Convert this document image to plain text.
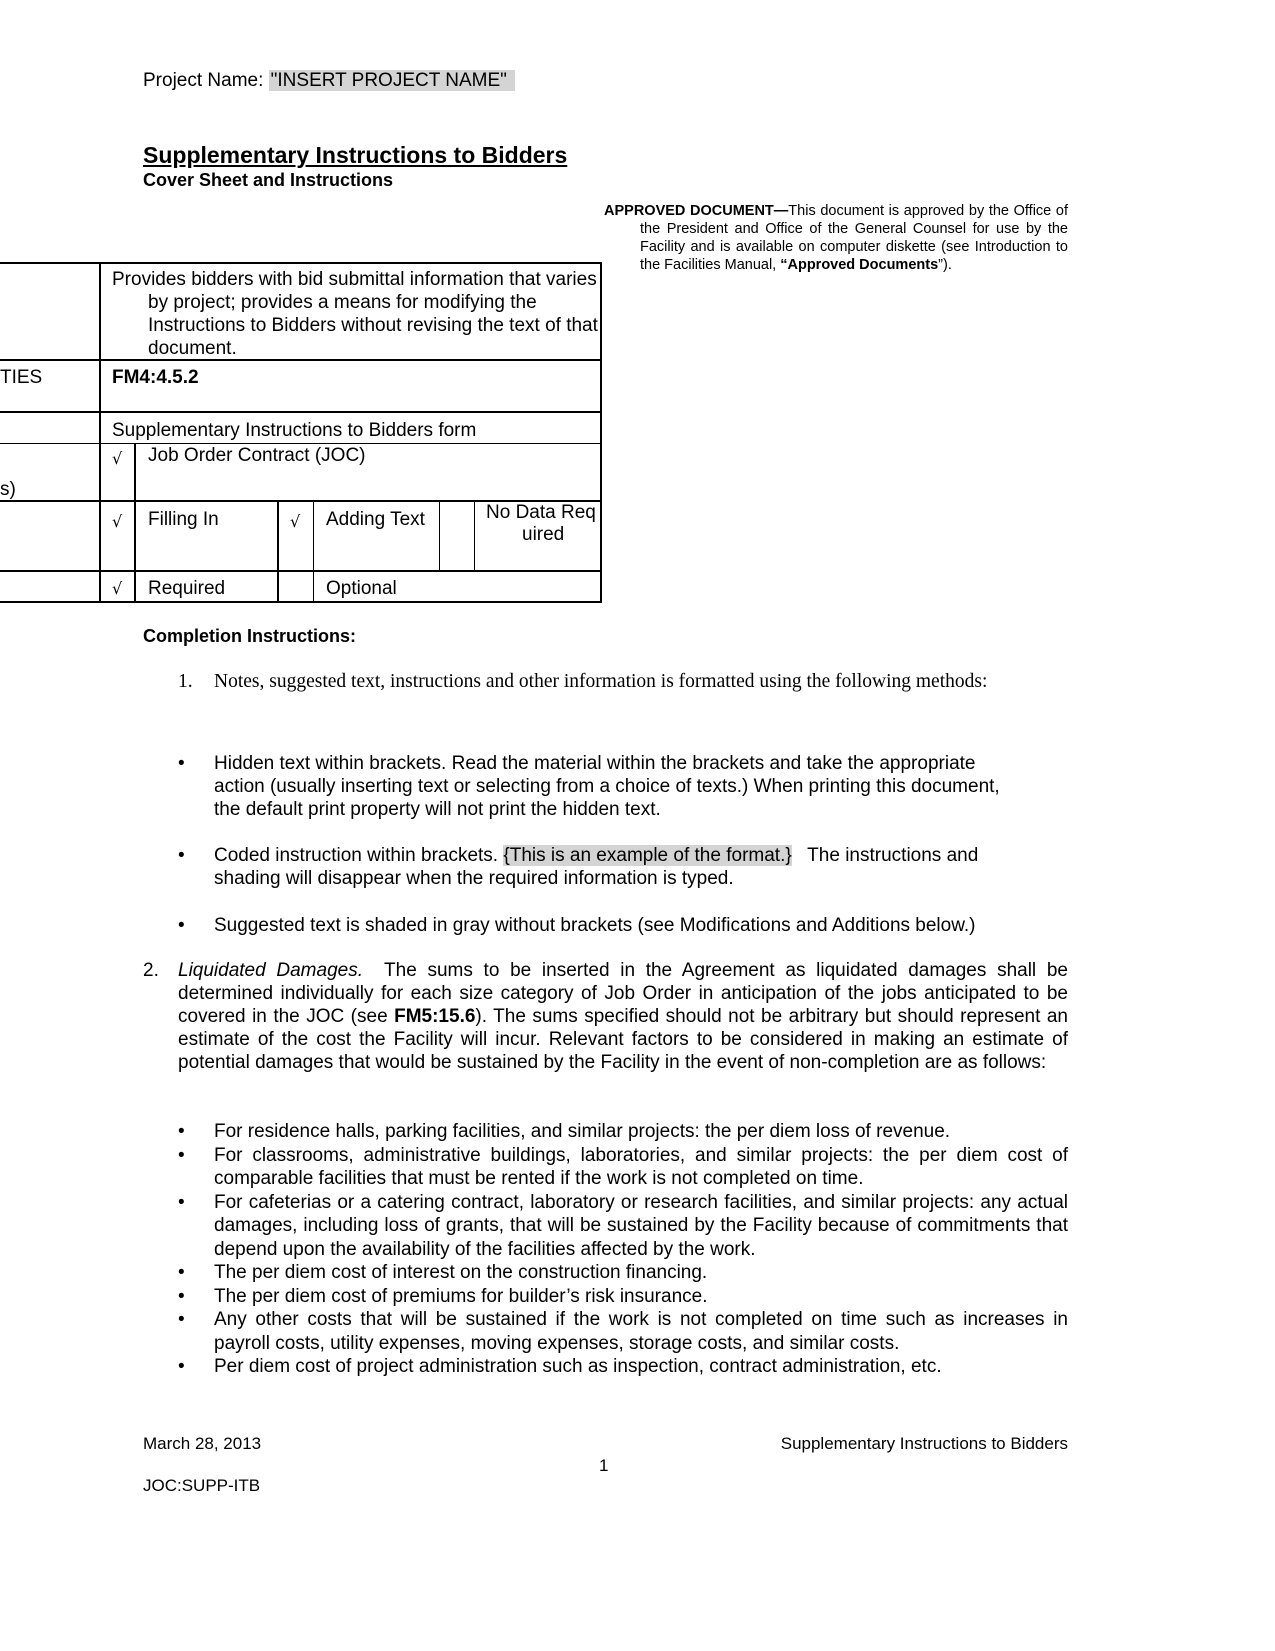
Project Name: "INSERT PROJECT NAME"
Supplementary Instructions to Bidders
Cover Sheet and Instructions
APPROVED DOCUMENT—This document is approved by the Office of the President and Office of the General Counsel for use by the Facility and is available on computer diskette (see Introduction to the Facilities Manual, “Approved Documents”).
Provides bidders with bid submittal information that varies by project; provides a means for modifying the Instructions to Bidders without revising the text of that document.
TIES	FM4:4.5.2
Supplementary Instructions to Bidders form
s)
√ Job Order Contract (JOC)
√ Filling In	√ Adding Text	No Data Required
√ Required	Optional
Completion Instructions:
1. Notes, suggested text, instructions and other information is formatted using the following methods:
• Hidden text within brackets. Read the material within the brackets and take the appropriate
action (usually inserting text or selecting from a choice of texts.) When printing this document,
the default print property will not print the hidden text.
• Coded instruction within brackets. {This is an example of the format.}   The instructions and
shading will disappear when the required information is typed.
• Suggested text is shaded in gray without brackets (see Modifications and Additions below.)
2. Liquidated Damages.  The sums to be inserted in the Agreement as liquidated damages shall be determined individually for each size category of Job Order in anticipation of the jobs anticipated to be covered in the JOC (see FM5:15.6). The sums specified should not be arbitrary but should represent an estimate of the cost the Facility will incur. Relevant factors to be considered in making an estimate of potential damages that would be sustained by the Facility in the event of non-completion are as follows:
• For residence halls, parking facilities, and similar projects: the per diem loss of revenue.
• For classrooms, administrative buildings, laboratories, and similar projects: the per diem cost of comparable facilities that must be rented if the work is not completed on time.
• For cafeterias or a catering contract, laboratory or research facilities, and similar projects: any actual damages, including loss of grants, that will be sustained by the Facility because of commitments that depend upon the availability of the facilities affected by the work.
• The per diem cost of interest on the construction financing.
• The per diem cost of premiums for builder’s risk insurance.
• Any other costs that will be sustained if the work is not completed on time such as increases in payroll costs, utility expenses, moving expenses, storage costs, and similar costs.
• Per diem cost of project administration such as inspection, contract administration, etc.
March 28, 2013	Supplementary Instructions to Bidders
1
JOC:SUPP-ITB
